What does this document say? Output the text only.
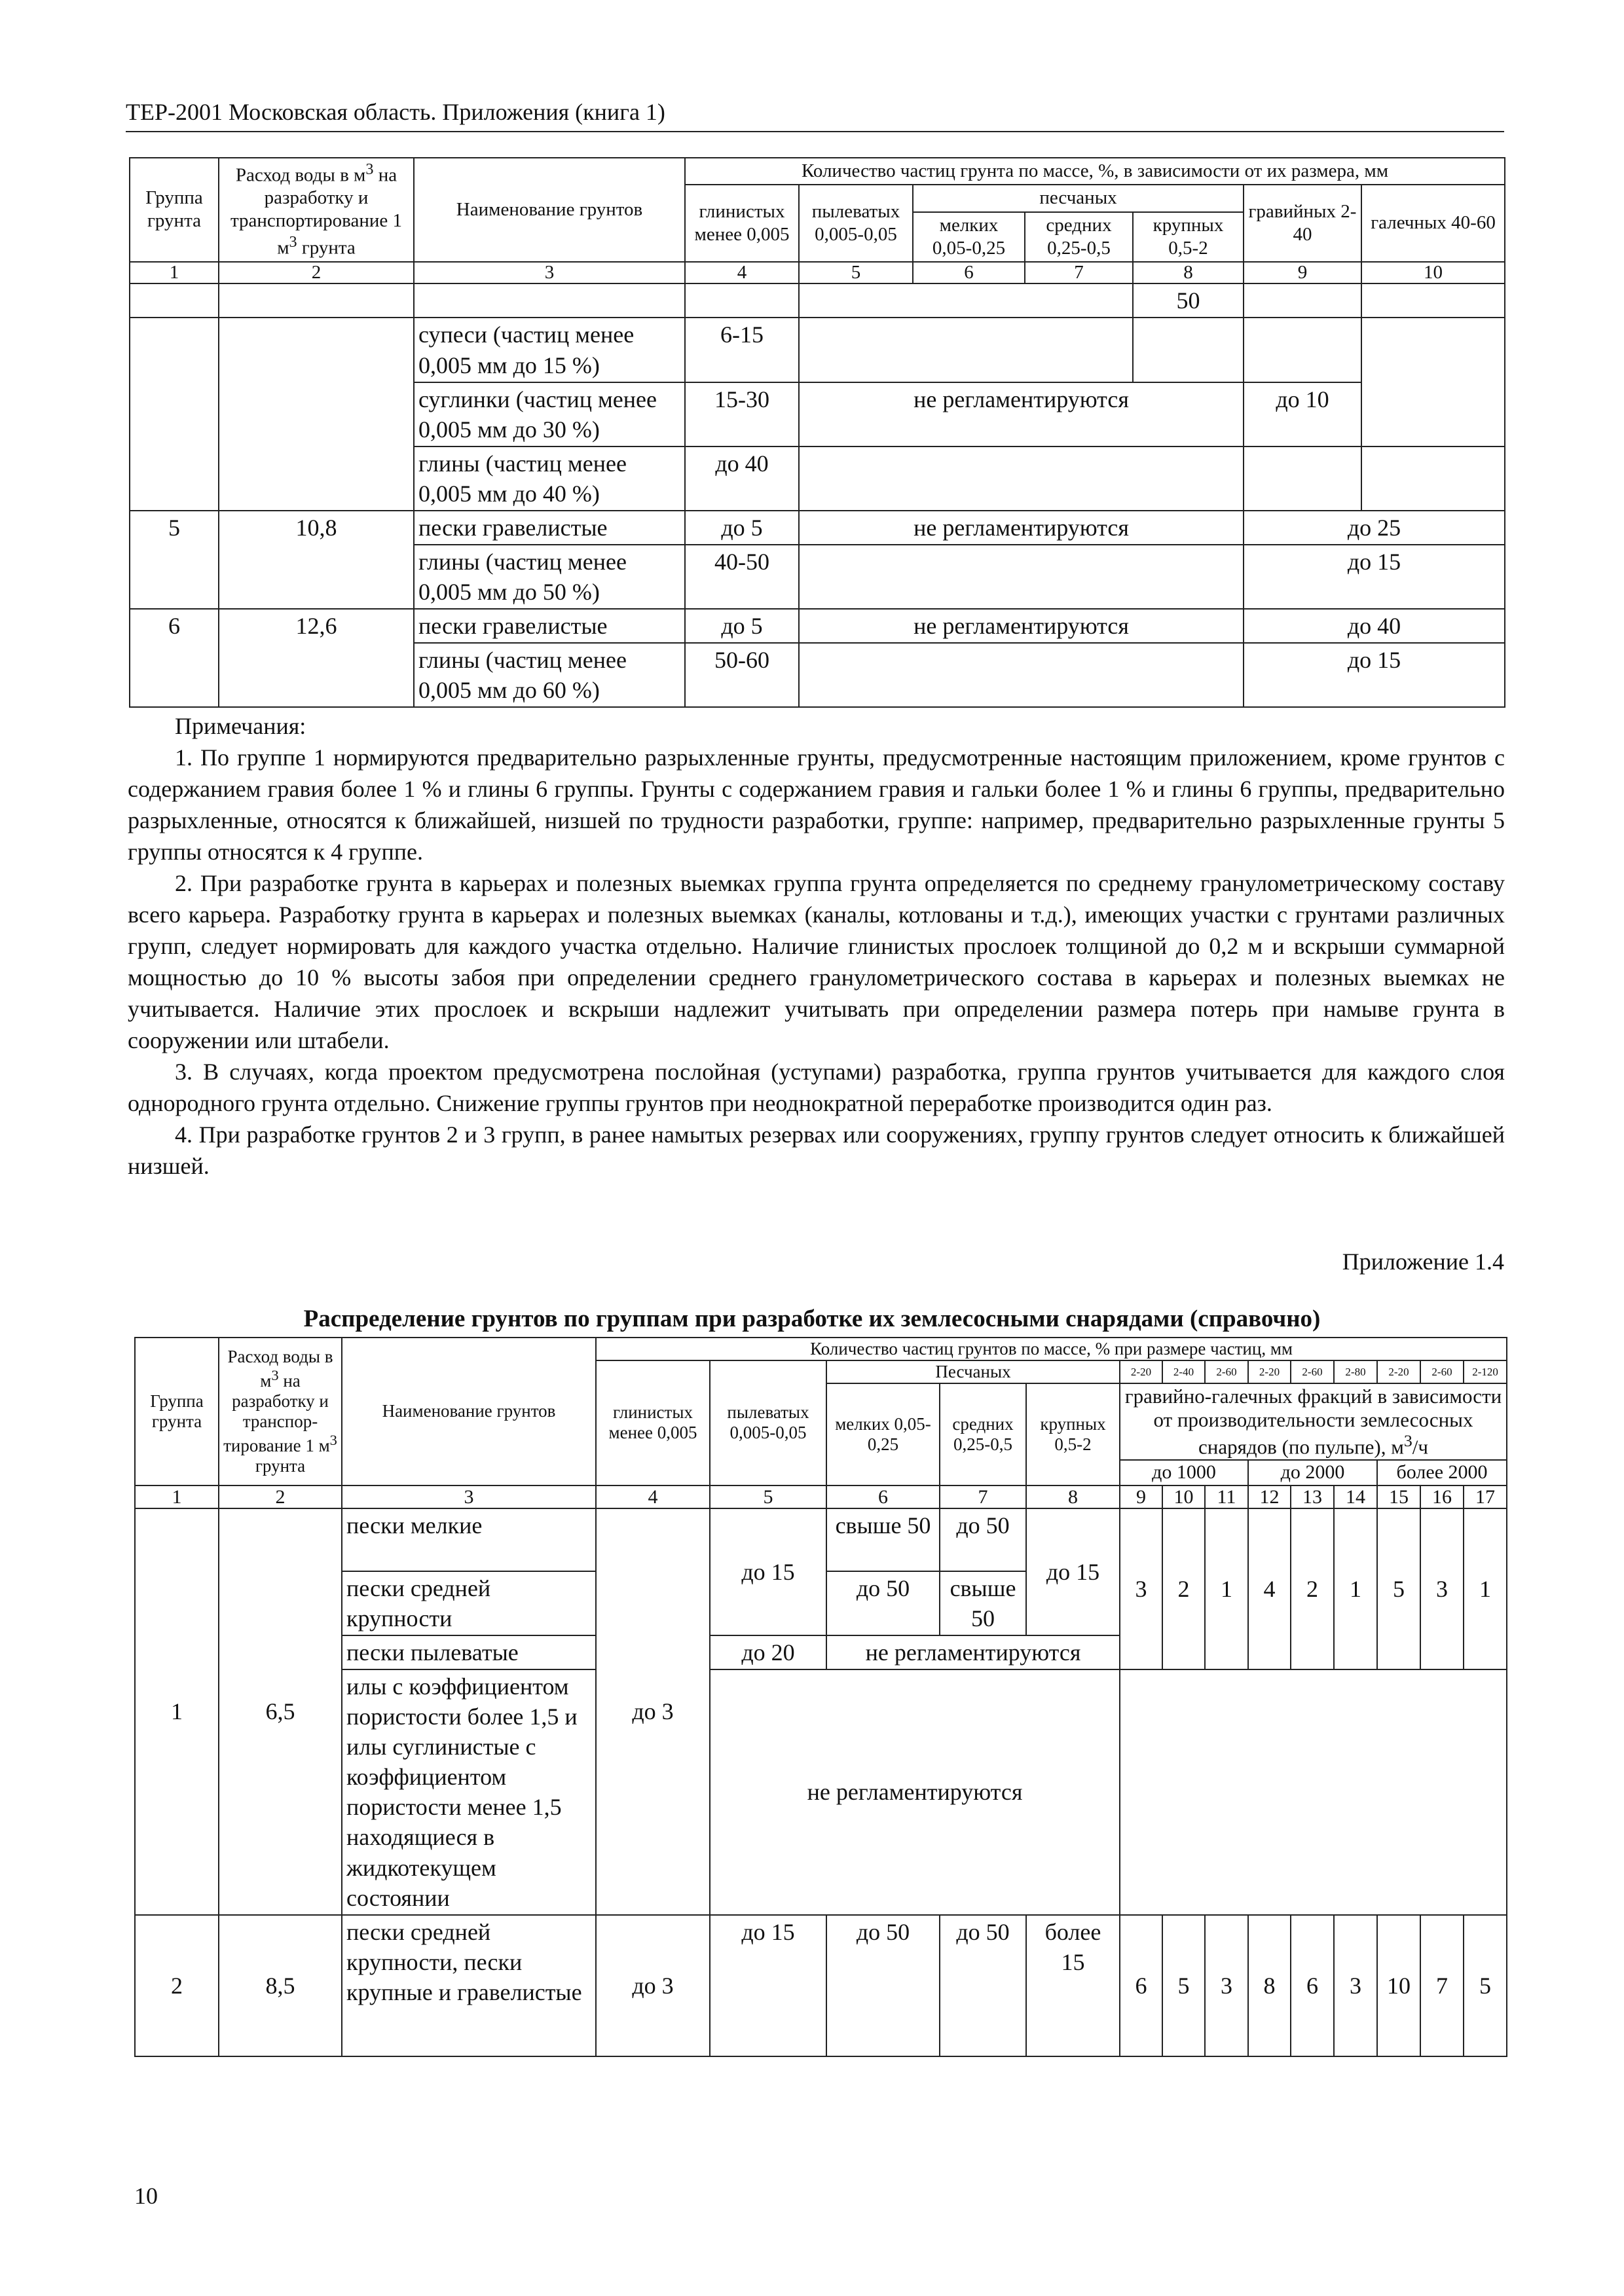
ТЕР-2001 Московская область. Приложения (книга 1)
Группа грунта	Расход воды в $м^3$ на разработку и транспортирование 1 $м^3$ грунта	Наименование грунтов	Количество частиц грунта по массе, %, в зависимости от их размера, мм						
			глинистых менее 0,005	пылеватых 0,005-0,05	песчаных			гравийных 2-40	галечных 40-60
					мелких 0,05-0,25	средних 0,25-0,5	крупных 0,5-2		
1	2	3	4	5	6	7	8	9	10
							50		
		супеси (частиц менее 0,005 мм до 15 %)	6-15						
		суглинки (частиц менее 0,005 мм до 30 %)	15-30	не регламентируются				до 10	
		глины (частиц менее 0,005 мм до 40 %)	до 40						
5	10,8	пески гравелистые	до 5	не регламентируются				до 25	
		глины (частиц менее 0,005 мм до 50 %)	40-50					до 15	
6	12,6	пески гравелистые	до 5	не регламентируются				до 40	
		глины (частиц менее 0,005 мм до 60 %)	50-60					до 15	

Примечания:

1. По группе 1 нормируются предварительно разрыхленные грунты, предусмотренные настоящим приложением, кроме грунтов с содержанием гравия более 1 % и глины 6 группы. Грунты с содержанием гравия и гальки более 1 % и глины 6 группы, предварительно разрыхленные, относятся к ближайшей, низшей по трудности разработки, группе: например, предварительно разрыхленные грунты 5 группы относятся к 4 группе.

2. При разработке грунта в карьерах и полезных выемках группа грунта определяется по среднему гранулометрическому составу всего карьера. Разработку грунта в карьерах и полезных выемках (каналы, котлованы и т.д.), имеющих участки с грунтами различных групп, следует нормировать для каждого участка отдельно. Наличие глинистых прослоек толщиной до 0,2 м и вскрыши суммарной мощностью до 10 % высоты забоя при определении среднего гранулометрического состава в карьерах и полезных выемках не учитывается. Наличие этих прослоек и вскрыши надлежит учитывать при определении размера потерь при намыве грунта в сооружении или штабели.

3. В случаях, когда проектом предусмотрена послойная (уступами) разработка, группа грунтов учитывается для каждого слоя однородного грунта отдельно. Снижение группы грунтов при неоднократной переработке производится один раз.

4. При разработке грунтов 2 и 3 групп, в ранее намытых резервах или сооружениях, группу грунтов следует относить к ближайшей низшей.

Приложение 1.4
Распределение грунтов по группам при разработке их землесосными снарядами (справочно)
Группа грунта	Расход воды в $м^3$ на разработку и транспор-тирование 1 $м^3$ грунта	Наименование грунтов	Количество частиц грунтов по массе, % при размере частиц, мм													
			глинистых менее 0,005	пылеватых 0,005-0,05	Песчаных			2-20	2-40	2-60	2-20	2-60	2-80	2-20	2-60	2-120
					мелких 0,05-0,25	средних 0,25-0,5	крупных 0,5-2	гравийно-галечных фракций в зависимости от производительности землесосных снарядов (по пульпе), $м^3/ч$								

								до 1000			до 2000			более 2000		
1	2	3	4	5	6	7	8	9	10	11	12	13	14	15	16	17
1	6,5	пески мелкие	до 3	до 15	свыше 50	до 50	до 15	3	2	1	4	2	1	5	3	1
		пески средней крупности			до 50	свыше 50										
		пески пылеватые		до 20	не регламентируются											
		илы с коэффициентом пористости более 1,5 и илы суглинистые с коэффициентом пористости менее 1,5 находящиеся в жидкотекущем состоянии		не регламентируются												
2	8,5	пески средней крупности, пески крупные и гравелистые	до 3	до 15	до 50	до 50	более 15	6	5	3	8	6	3	10	7	5
10
